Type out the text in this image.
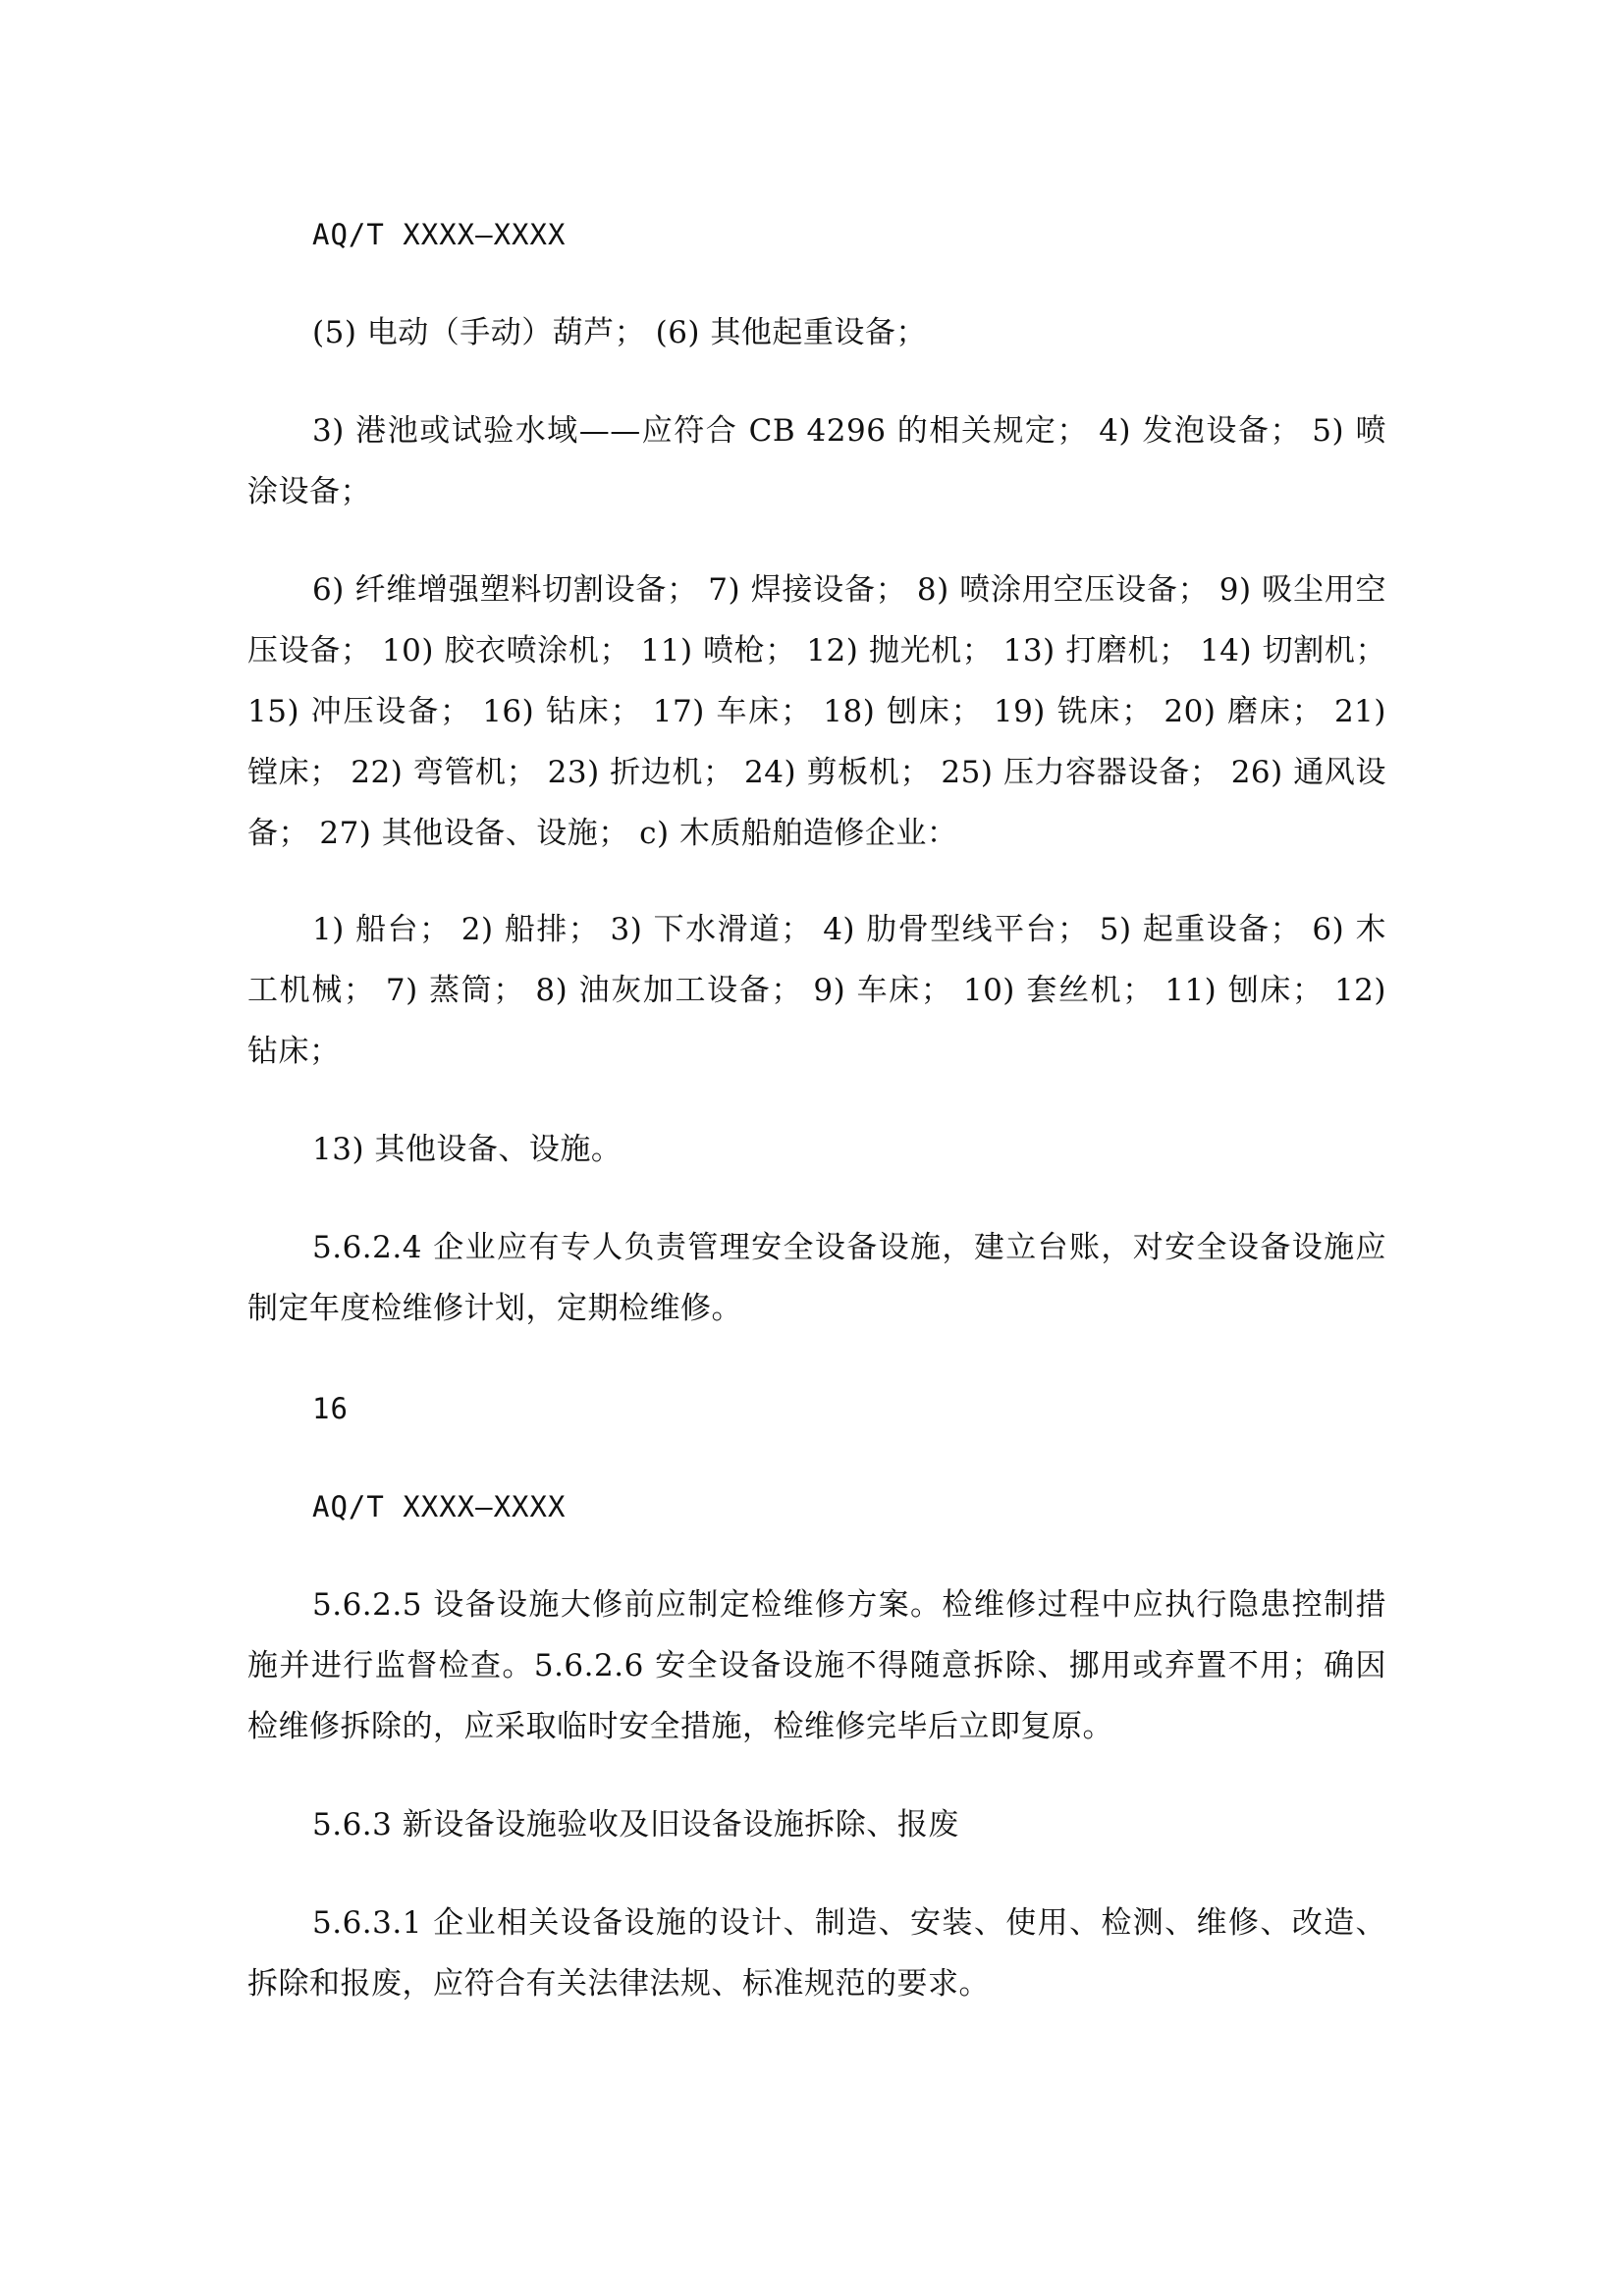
AQ/T XXXX—XXXX

(5) 电动（手动）葫芦； (6) 其他起重设备；

3) 港池或试验水域——应符合 CB 4296 的相关规定； 4) 发泡设备； 5) 喷涂设备；

6) 纤维增强塑料切割设备； 7) 焊接设备； 8) 喷涂用空压设备； 9) 吸尘用空压设备； 10) 胶衣喷涂机； 11) 喷枪； 12) 抛光机； 13) 打磨机； 14) 切割机； 15) 冲压设备； 16) 钻床； 17) 车床； 18) 刨床； 19) 铣床； 20) 磨床； 21) 镗床； 22) 弯管机； 23) 折边机； 24) 剪板机； 25) 压力容器设备； 26) 通风设备； 27) 其他设备、设施； c) 木质船舶造修企业：

1) 船台； 2) 船排； 3) 下水滑道； 4) 肋骨型线平台； 5) 起重设备； 6) 木工机械； 7) 蒸筒； 8) 油灰加工设备； 9) 车床； 10) 套丝机； 11) 刨床； 12) 钻床；

13) 其他设备、设施。

5.6.2.4 企业应有专人负责管理安全设备设施，建立台账，对安全设备设施应制定年度检维修计划，定期检维修。

16

AQ/T XXXX—XXXX

5.6.2.5 设备设施大修前应制定检维修方案。检维修过程中应执行隐患控制措施并进行监督检查。5.6.2.6 安全设备设施不得随意拆除、挪用或弃置不用；确因检维修拆除的，应采取临时安全措施，检维修完毕后立即复原。

5.6.3 新设备设施验收及旧设备设施拆除、报废

5.6.3.1 企业相关设备设施的设计、制造、安装、使用、检测、维修、改造、拆除和报废，应符合有关法律法规、标准规范的要求。
